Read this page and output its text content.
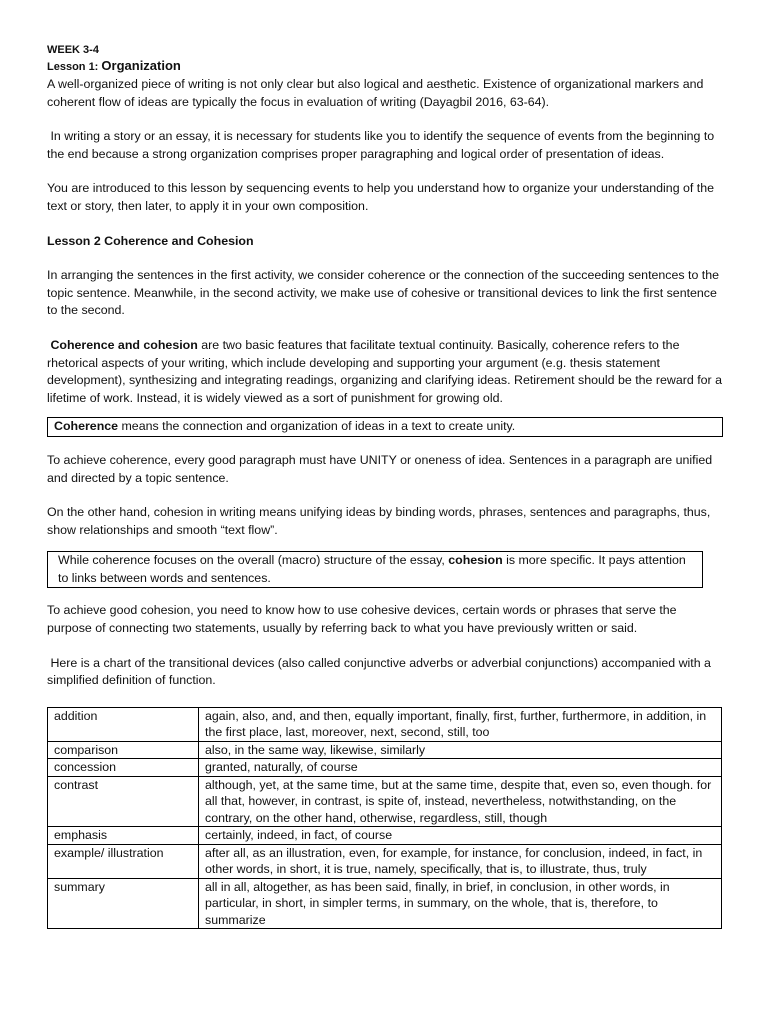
WEEK 3-4
Lesson 1: Organization

A well-organized piece of writing is not only clear but also logical and aesthetic. Existence of organizational markers and coherent flow of ideas are typically the focus in evaluation of writing (Dayagbil 2016, 63-64).

In writing a story or an essay, it is necessary for students like you to identify the sequence of events from the beginning to the end because a strong organization comprises proper paragraphing and logical order of presentation of ideas.

You are introduced to this lesson by sequencing events to help you understand how to organize your understanding of the text or story, then later, to apply it in your own composition.

Lesson 2 Coherence and Cohesion

In arranging the sentences in the first activity, we consider coherence or the connection of the succeeding sentences to the topic sentence. Meanwhile, in the second activity, we make use of cohesive or transitional devices to link the first sentence to the second.

Coherence and cohesion are two basic features that facilitate textual continuity. Basically, coherence refers to the rhetorical aspects of your writing, which include developing and supporting your argument (e.g. thesis statement development), synthesizing and integrating readings, organizing and clarifying ideas. Retirement should be the reward for a lifetime of work. Instead, it is widely viewed as a sort of punishment for growing old.

Coherence means the connection and organization of ideas in a text to create unity.

To achieve coherence, every good paragraph must have UNITY or oneness of idea. Sentences in a paragraph are unified and directed by a topic sentence.

On the other hand, cohesion in writing means unifying ideas by binding words, phrases, sentences and paragraphs, thus, show relationships and smooth “text flow”.

While coherence focuses on the overall (macro) structure of the essay, cohesion is more specific. It pays attention to links between words and sentences.

To achieve good cohesion, you need to know how to use cohesive devices, certain words or phrases that serve the purpose of connecting two statements, usually by referring back to what you have previously written or said.

Here is a chart of the transitional devices (also called conjunctive adverbs or adverbial conjunctions) accompanied with a simplified definition of function.

addition	again, also, and, and then, equally important, finally, first, further, furthermore, in addition, in the first place, last, moreover, next, second, still, too
comparison	also, in the same way, likewise, similarly
concession	granted, naturally, of course
contrast	although, yet, at the same time, but at the same time, despite that, even so, even though. for all that, however, in contrast, is spite of, instead, nevertheless, notwithstanding, on the contrary, on the other hand, otherwise, regardless, still, though
emphasis	certainly, indeed, in fact, of course
example/ illustration	after all, as an illustration, even, for example, for instance, for conclusion, indeed, in fact, in other words, in short, it is true, namely, specifically, that is, to illustrate, thus, truly
summary	all in all, altogether, as has been said, finally, in brief, in conclusion, in other words, in particular, in short, in simpler terms, in summary, on the whole, that is, therefore, to summarize
